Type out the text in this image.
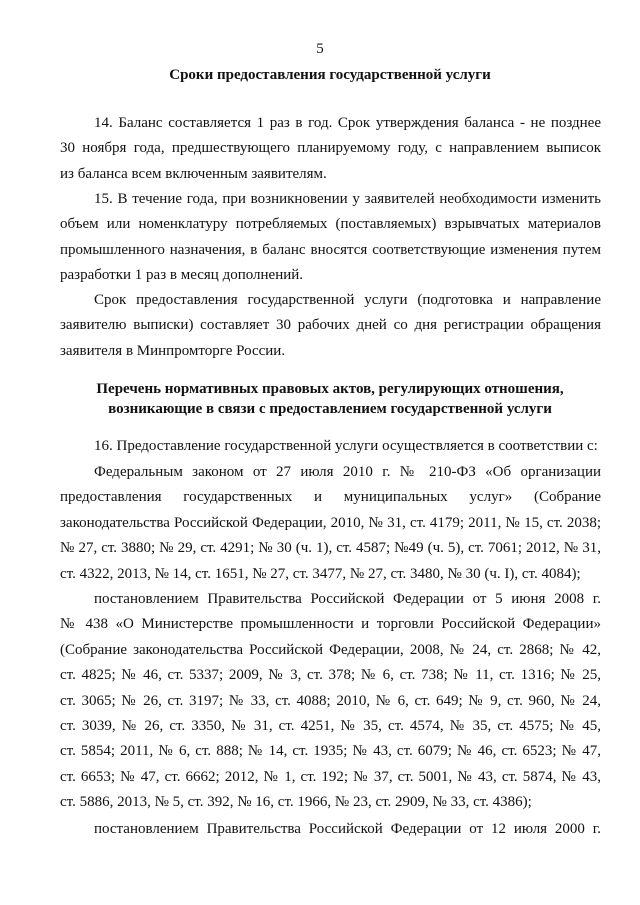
5
Сроки предоставления государственной услуги
14. Баланс составляется 1 раз в год. Срок утверждения баланса - не позднее
30 ноября года, предшествующего планируемому году, с направлением выписок
из баланса всем включенным заявителям.
15. В течение года, при возникновении у заявителей необходимости изменить
объем или номенклатуру потребляемых (поставляемых) взрывчатых материалов
промышленного назначения, в баланс вносятся соответствующие изменения путем
разработки 1 раз в месяц дополнений.
Срок предоставления государственной услуги (подготовка и направление
заявителю выписки) составляет 30 рабочих дней со дня регистрации обращения
заявителя в Минпромторге России.
Перечень нормативных правовых актов, регулирующих отношения,
возникающие в связи с предоставлением государственной услуги
16. Предоставление государственной услуги осуществляется в соответствии с:
Федеральным законом от 27 июля 2010 г. № 210-ФЗ «Об организации
предоставления государственных и муниципальных услуг» (Собрание
законодательства Российской Федерации, 2010, № 31, ст. 4179; 2011, № 15, ст. 2038;
№ 27, ст. 3880; № 29, ст. 4291; № 30 (ч. 1), ст. 4587; №49 (ч. 5), ст. 7061; 2012, № 31,
ст. 4322, 2013, № 14, ст. 1651, № 27, ст. 3477, № 27, ст. 3480, № 30 (ч. I), ст. 4084);
постановлением Правительства Российской Федерации от 5 июня 2008 г.
№ 438 «О Министерстве промышленности и торговли Российской Федерации»
(Собрание законодательства Российской Федерации, 2008, № 24, ст. 2868; № 42,
ст. 4825; № 46, ст. 5337; 2009, № 3, ст. 378; № 6, ст. 738; № 11, ст. 1316; № 25,
ст. 3065; № 26, ст. 3197; № 33, ст. 4088; 2010, № 6, ст. 649; № 9, ст. 960, № 24,
ст. 3039, № 26, ст. 3350, № 31, ст. 4251, № 35, ст. 4574, № 35, ст. 4575; № 45,
ст. 5854; 2011, № 6, ст. 888; № 14, ст. 1935; № 43, ст. 6079; № 46, ст. 6523; № 47,
ст. 6653; № 47, ст. 6662; 2012, № 1, ст. 192; № 37, ст. 5001, № 43, ст. 5874, № 43,
ст. 5886, 2013, № 5, ст. 392, № 16, ст. 1966, № 23, ст. 2909, № 33, ст. 4386);
постановлением Правительства Российской Федерации от 12 июля 2000 г.
